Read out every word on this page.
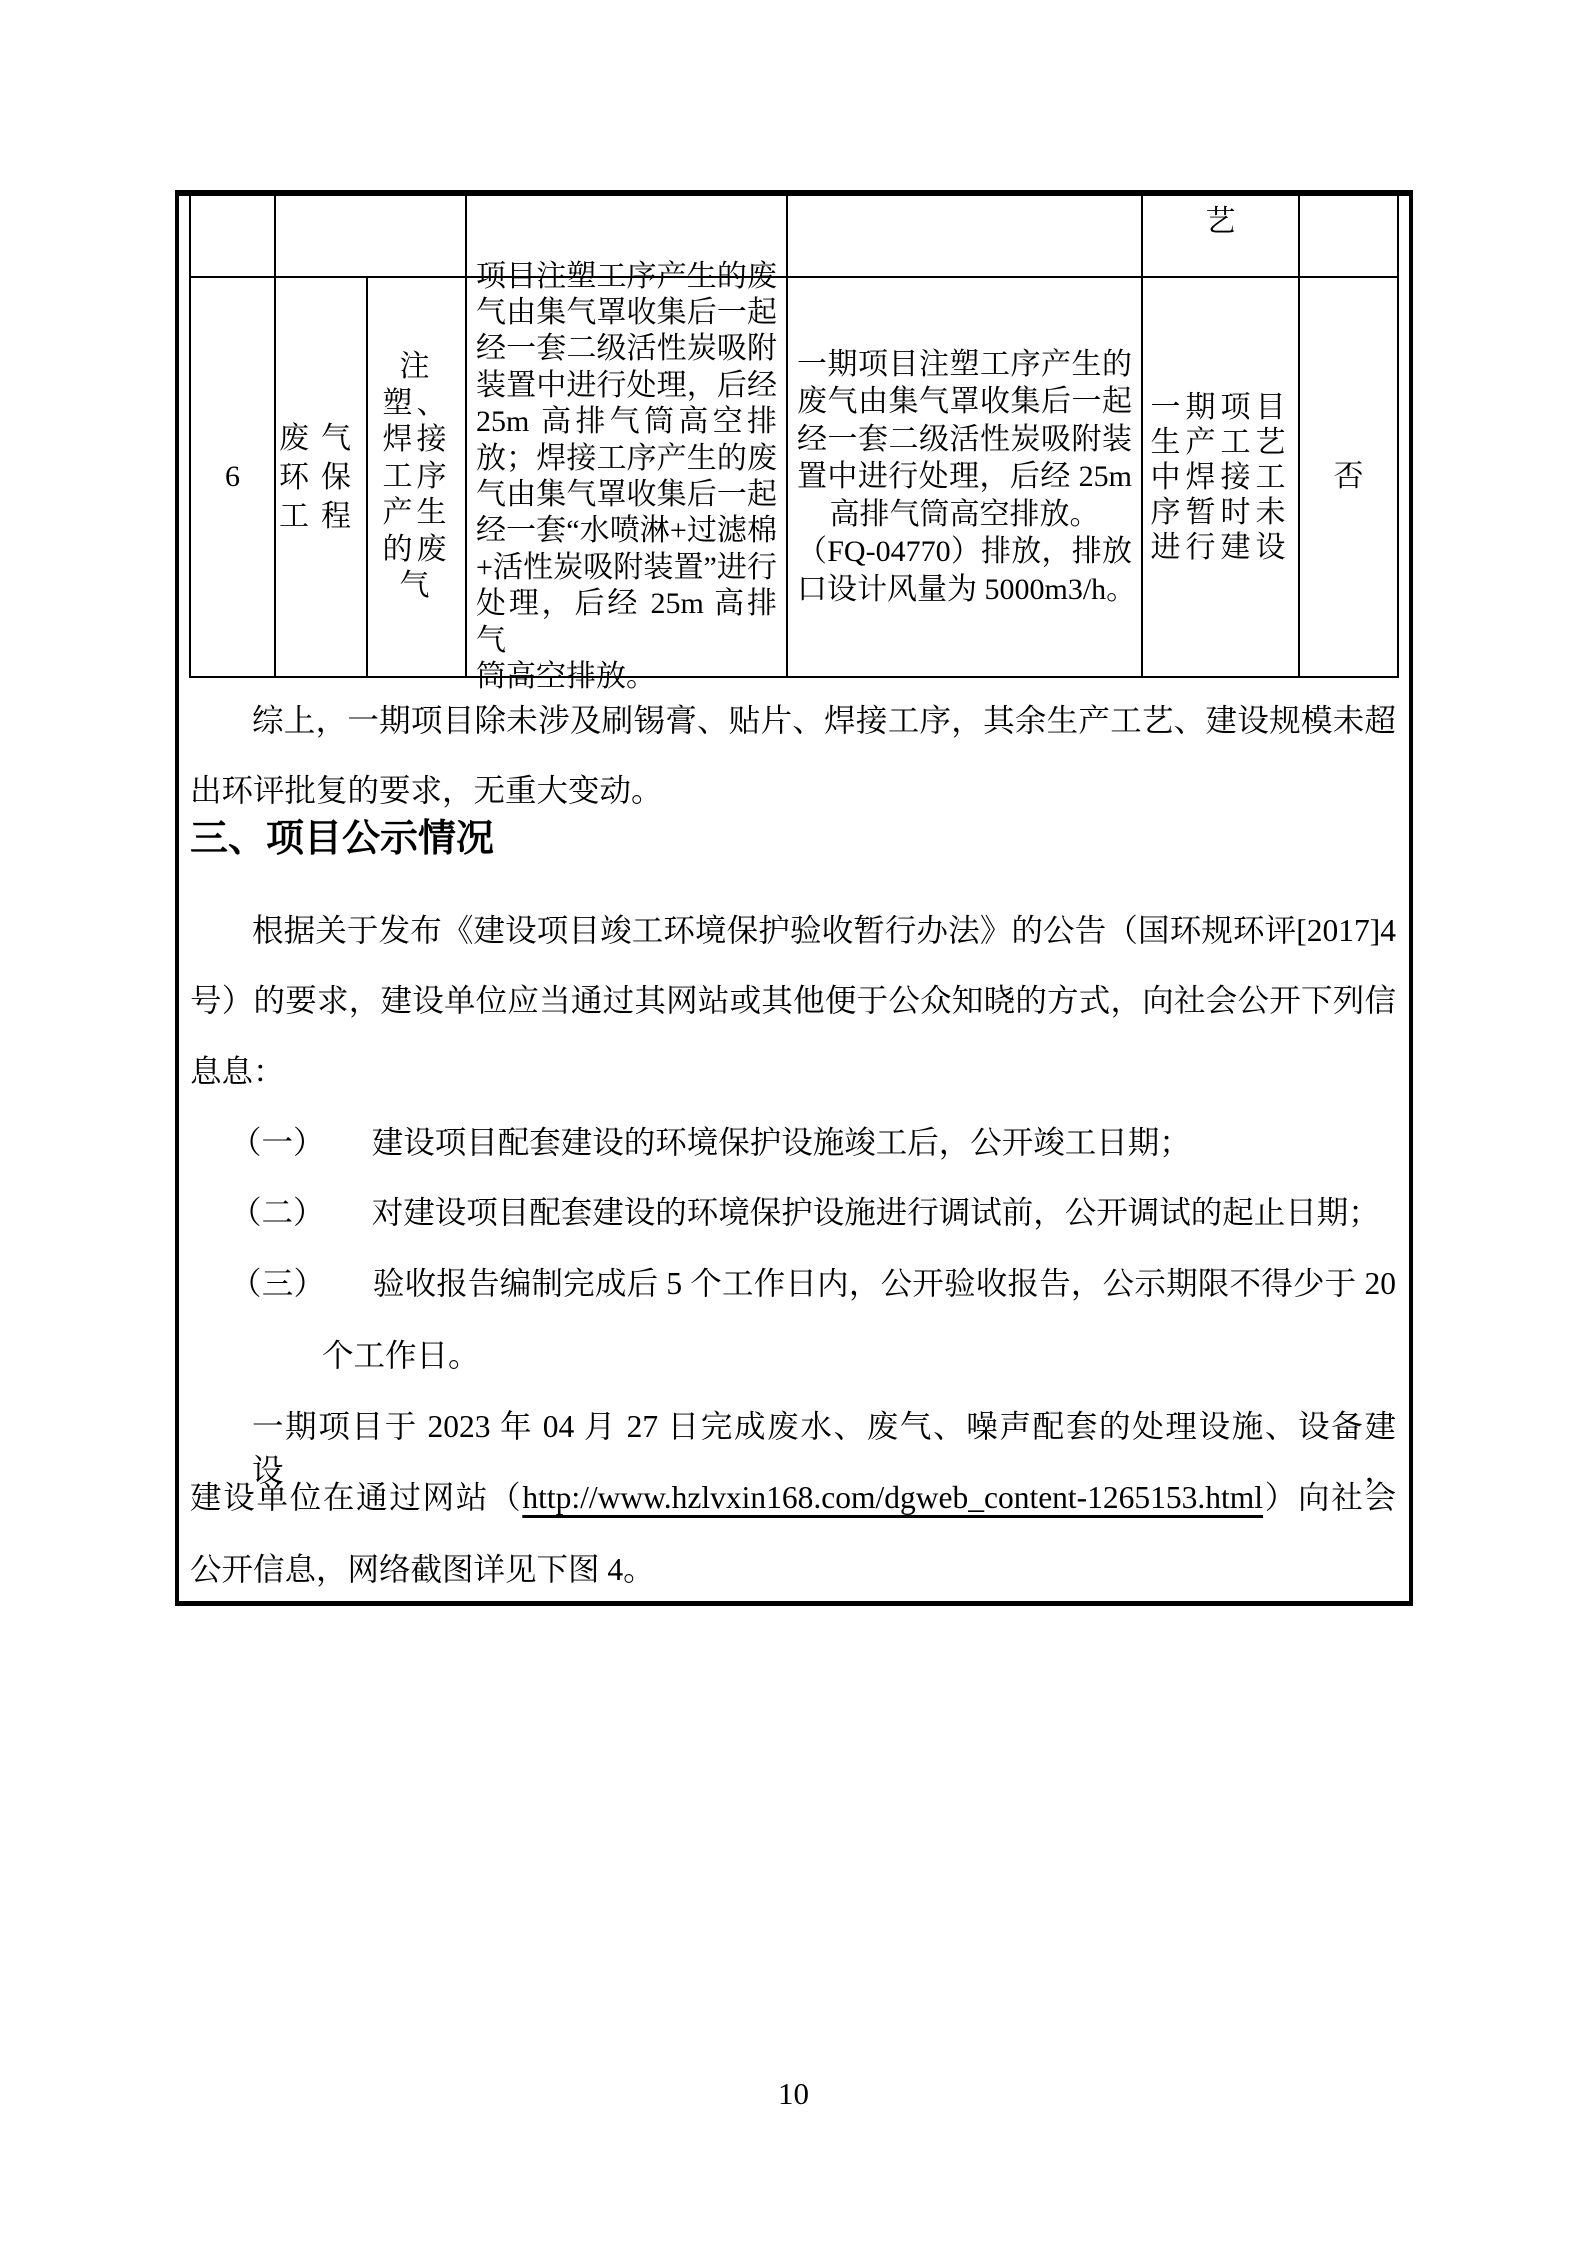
艺
6
废气
环保
工程
注塑、
焊接
工序
产生
的废
气
项目注塑工序产生的废
气由集气罩收集后一起
经一套二级活性炭吸附
装置中进行处理，后经
25m 高排气筒高空排
放；焊接工序产生的废
气由集气罩收集后一起
经一套“水喷淋+过滤棉
+活性炭吸附装置”进行
处理，后经 25m 高排气
筒高空排放。
一期项目注塑工序产生的
废气由集气罩收集后一起
经一套二级活性炭吸附装
置中进行处理，后经 25m
高排气筒高空排放。
（FQ-04770）排放，排放
口设计风量为 5000m3/h。
一期项目
生产工艺
中焊接工
序暂时未
进行建设
否
综上，一期项目除未涉及刷锡膏、贴片、焊接工序，其余生产工艺、建设规模未超
出环评批复的要求，无重大变动。
三、项目公示情况
根据关于发布《建设项目竣工环境保护验收暂行办法》的公告（国环规环评[2017]4
号）的要求，建设单位应当通过其网站或其他便于公众知晓的方式，向社会公开下列信
息息：
（一）　　建设项目配套建设的环境保护设施竣工后，公开竣工日期；
（二）　　对建设项目配套建设的环境保护设施进行调试前，公开调试的起止日期；
（三）　　验收报告编制完成后 5 个工作日内，公开验收报告，公示期限不得少于 20
个工作日。
一期项目于 2023 年 04 月 27 日完成废水、废气、噪声配套的处理设施、设备建设，
建设单位在通过网站（http://www.hzlvxin168.com/dgweb_content-1265153.html）向社会
公开信息，网络截图详见下图 4。
10
